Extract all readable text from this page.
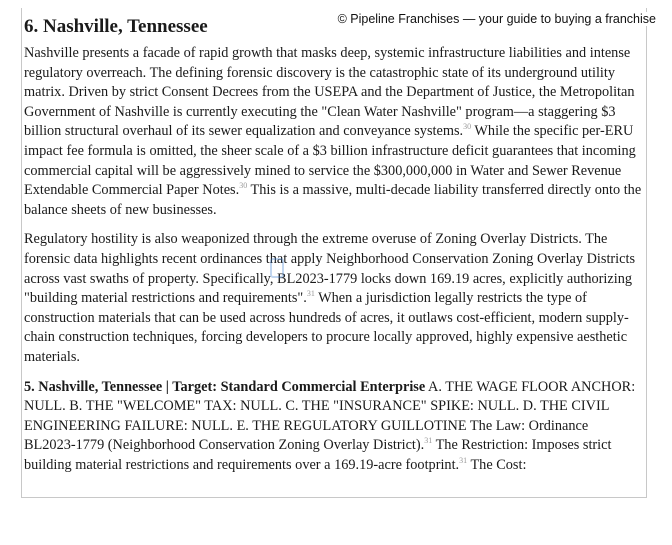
© Pipeline Franchises — your guide to buying a franchise
6. Nashville, Tennessee

Nashville presents a facade of rapid growth that masks deep, systemic infrastructure liabilities and intense regulatory overreach. The defining forensic discovery is the catastrophic state of its underground utility matrix. Driven by strict Consent Decrees from the USEPA and the Department of Justice, the Metropolitan Government of Nashville is currently executing the "Clean Water Nashville" program—a staggering $3 billion structural overhaul of its sewer equalization and conveyance systems.$^{30}$ While the specific per-ERU impact fee formula is omitted, the sheer scale of a $3 billion infrastructure deficit guarantees that incoming commercial capital will be aggressively mined to service the $300,000,000 in Water and Sewer Revenue Extendable Commercial Paper Notes.$^{30}$ This is a massive, multi-decade liability transferred directly onto the balance sheets of new businesses.

Regulatory hostility is also weaponized through the extreme overuse of Zoning Overlay Districts. The forensic data highlights recent ordinances that apply Neighborhood Conservation Zoning Overlay Districts across vast swaths of property. Specifically, BL2023-1779 locks down 169.19 acres, explicitly authorizing "building material restrictions and requirements".$^{31}$ When a jurisdiction legally restricts the type of construction materials that can be used across hundreds of acres, it outlaws cost-efficient, modern supply-chain construction techniques, forcing developers to procure locally approved, highly expensive aesthetic materials.

5. Nashville, Tennessee | Target: Standard Commercial Enterprise A. THE WAGE FLOOR ANCHOR: NULL. B. THE "WELCOME" TAX: NULL. C. THE "INSURANCE" SPIKE: NULL. D. THE CIVIL ENGINEERING FAILURE: NULL. E. THE REGULATORY GUILLOTINE The Law: Ordinance BL2023-1779 (Neighborhood Conservation Zoning Overlay District).$^{31}$ The Restriction: Imposes strict building material restrictions and requirements over a 169.19-acre footprint.$^{31}$ The Cost:
